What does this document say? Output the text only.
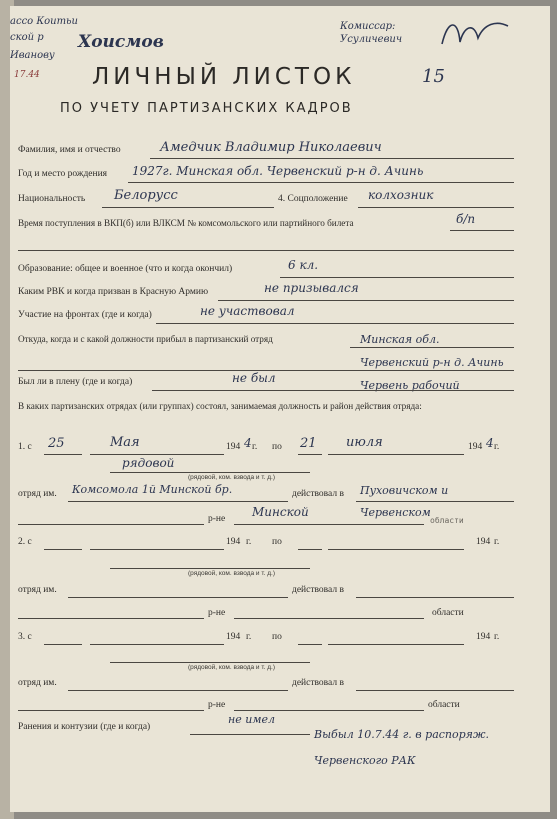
ассо Коитьи
ской р
Иванову
Хоисмов
17.44
Комиссар:
Усуличевич
15
ЛИЧНЫЙ ЛИСТОК
ПО УЧЕТУ ПАРТИЗАНСКИХ КАДРОВ
Фамилия, имя и отчество	Амедчик Владимир Николаевич
Год и место рождения 1927г. Минская обл. Червенский р-н д. Ачинь
Национальность Белорусс	4. Соцположение колхозник
Время поступления в ВКП(б) или ВЛКСМ № комсомольского или партийного билета	б/п
Образование: общее и военное (что и когда окончил)	6 кл.
Каким РВК и когда призван в Красную Армию	не призывался
Участие на фронтах (где и когда)	не участвовал
Откуда, когда и с какой должности прибыл в партизанский отряд	Минская обл. Червенский р-н д. Ачинь Червень рабочий
Был ли в плену (где и когда)	не был
В каких партизанских отрядах (или группах) состоял, занимаемая должность и район действия отряда:
1. с 25	Мая	194 4 г. по 21 июля	194 4 г.
рядовой
(рядовой, ком. взвода и т. д.)
отряд им. Комсомола 1й Минской бр.	действовал в Пуховичском и Червенском
р-не Минской
области
2. с	194 г. по	194 г.
(рядовой, ком. взвода и т. д.)
отряд им.	действовал в
р-не	области
3. с	194 г. по	194 г.
(рядовой, ком. взвода и т. д.)
отряд им.	действовал в
р-не	области
Ранения и контузии (где и когда)
не имел
Выбыл 10.7.44 г. в распоряж.
Червенского РАК
